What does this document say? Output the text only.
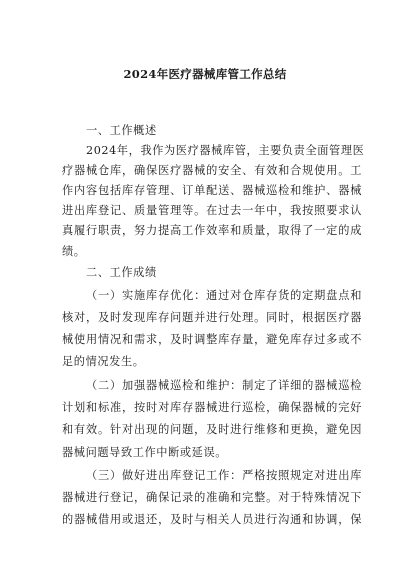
2024年医疗器械库管工作总结
一、工作概述
2024年，我作为医疗器械库管，主要负责全面管理医
疗器械仓库，确保医疗器械的安全、有效和合规使用。工
作内容包括库存管理、订单配送、器械巡检和维护、器械
进出库登记、质量管理等。在过去一年中，我按照要求认
真履行职责，努力提高工作效率和质量，取得了一定的成
绩。
二、工作成绩
（一）实施库存优化：通过对仓库存货的定期盘点和
核对，及时发现库存问题并进行处理。同时，根据医疗器
械使用情况和需求，及时调整库存量，避免库存过多或不
足的情况发生。
（二）加强器械巡检和维护：制定了详细的器械巡检
计划和标准，按时对库存器械进行巡检，确保器械的完好
和有效。针对出现的问题，及时进行维修和更换，避免因
器械问题导致工作中断或延误。
（三）做好进出库登记工作：严格按照规定对进出库
器械进行登记，确保记录的准确和完整。对于特殊情况下
的器械借用或退还，及时与相关人员进行沟通和协调，保
